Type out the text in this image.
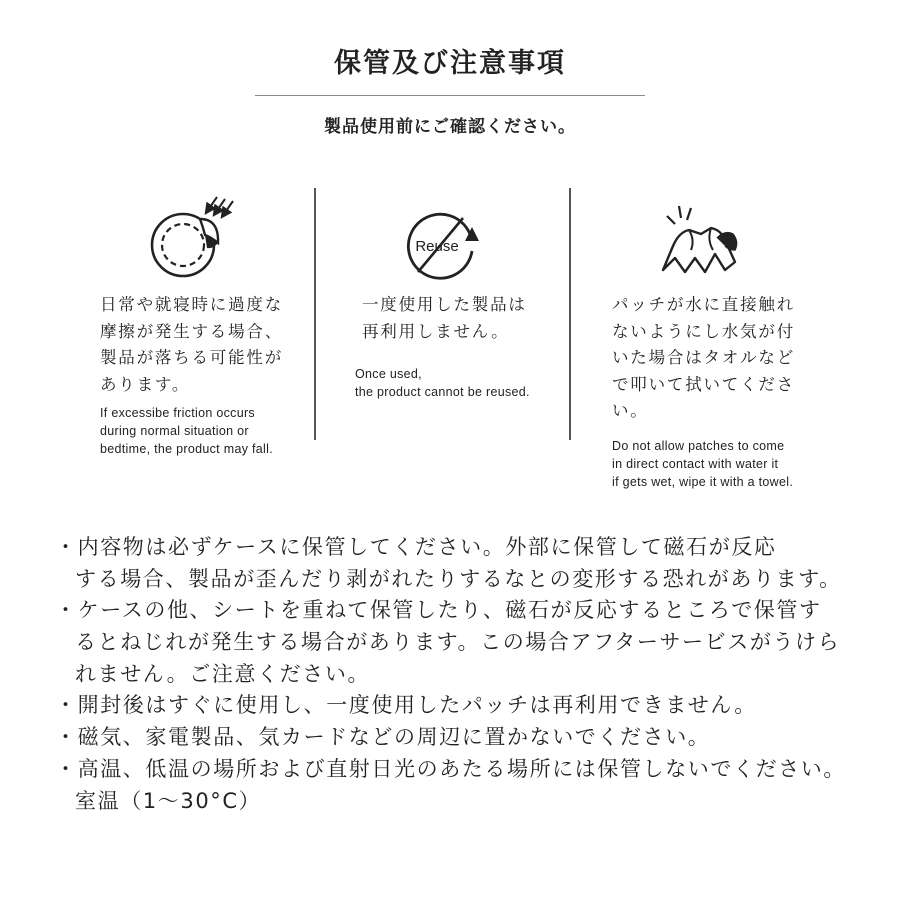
保管及び注意事項
製品使用前にご確認ください。
Reuse
日常や就寝時に過度な
摩擦が発生する場合、
製品が落ちる可能性が
あります。
If excessibe friction occurs
during normal situation or
bedtime, the product may fall.
一度使用した製品は
再利用しません。
Once used,
the product cannot be reused.
パッチが水に直接触れ
ないようにし水気が付
いた場合はタオルなど
で叩いて拭いてくださ
い。
Do not allow patches to come
in direct contact with water it
if gets wet, wipe it with a towel.
・内容物は必ずケースに保管してください。外部に保管して磁石が反応
する場合、製品が歪んだり剥がれたりするなとの変形する恐れがあります。
・ケースの他、シートを重ねて保管したり、磁石が反応するところで保管す
るとねじれが発生する場合があります。この場合アフターサービスがうけら
れません。ご注意ください。
・開封後はすぐに使用し、一度使用したパッチは再利用できません。
・磁気、家電製品、気カードなどの周辺に置かないでください。
・高温、低温の場所および直射日光のあたる場所には保管しないでください。
室温（1〜30°C）
